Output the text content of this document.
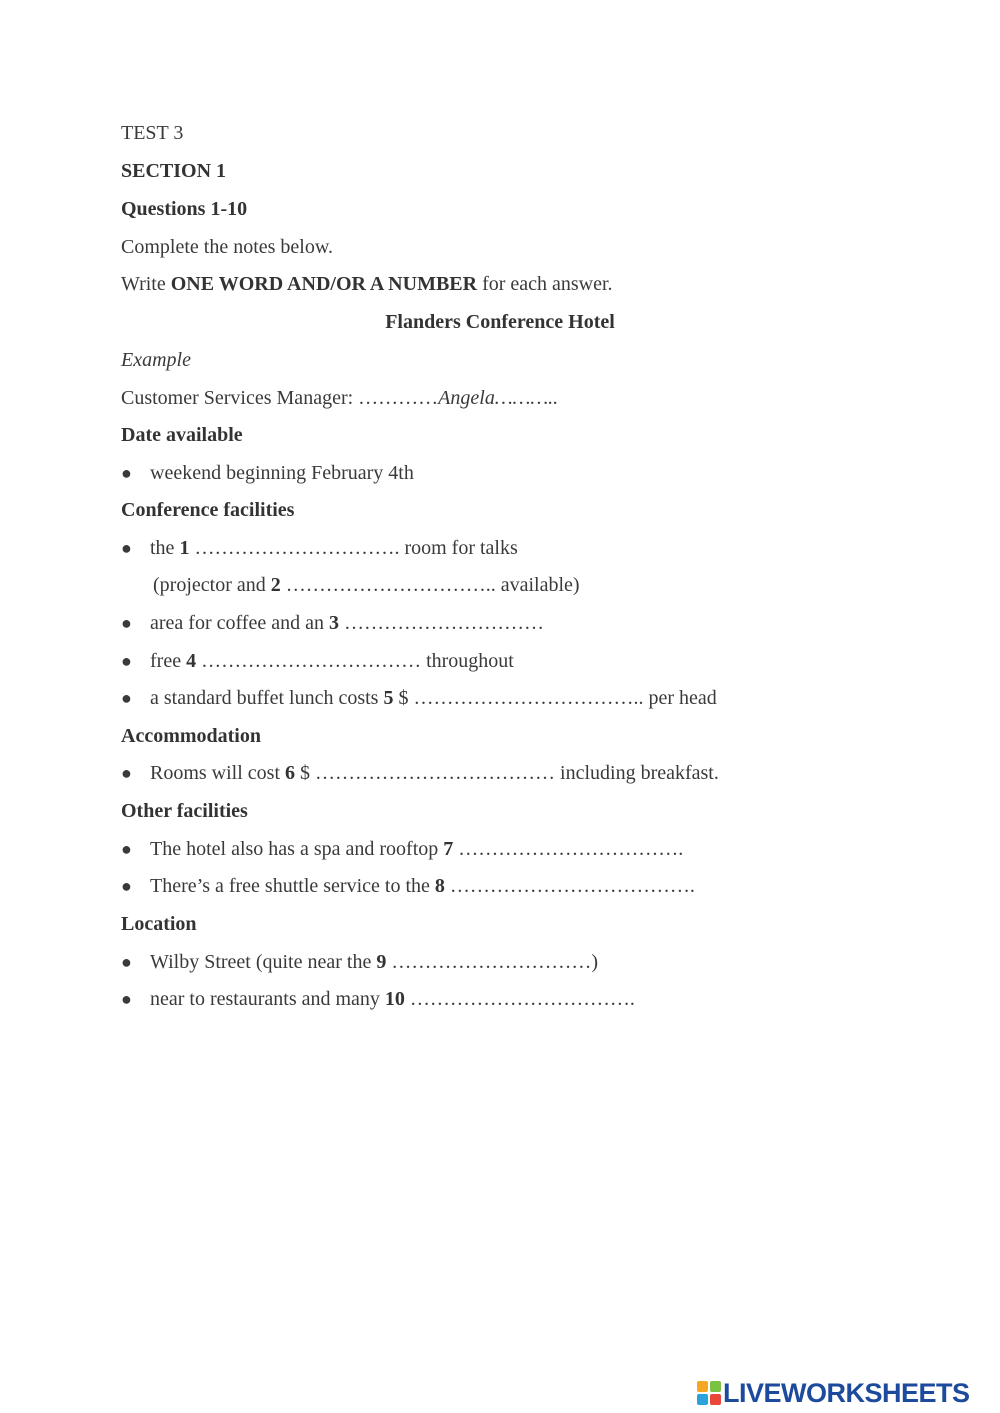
TEST 3
SECTION 1
Questions 1-10
Complete the notes below.
Write ONE WORD AND/OR A NUMBER for each answer.
Flanders Conference Hotel
Example
Customer Services Manager: …………Angela………..
Date available
● weekend beginning February 4th
Conference facilities
● the 1 …………………………. room for talks
(projector and 2 ………………………….. available)
● area for coffee and an 3 …………………………
● free 4 …………………………… throughout
● a standard buffet lunch costs 5 $ …………………………….. per head
Accommodation
● Rooms will cost 6 $ ……………………………… including breakfast.
Other facilities
● The hotel also has a spa and rooftop 7 …………………………….
● There’s a free shuttle service to the 8 ……………………………….
Location
● Wilby Street (quite near the 9 …………………………)
● near to restaurants and many 10 …………………………….
LIVEWORKSHEETS
